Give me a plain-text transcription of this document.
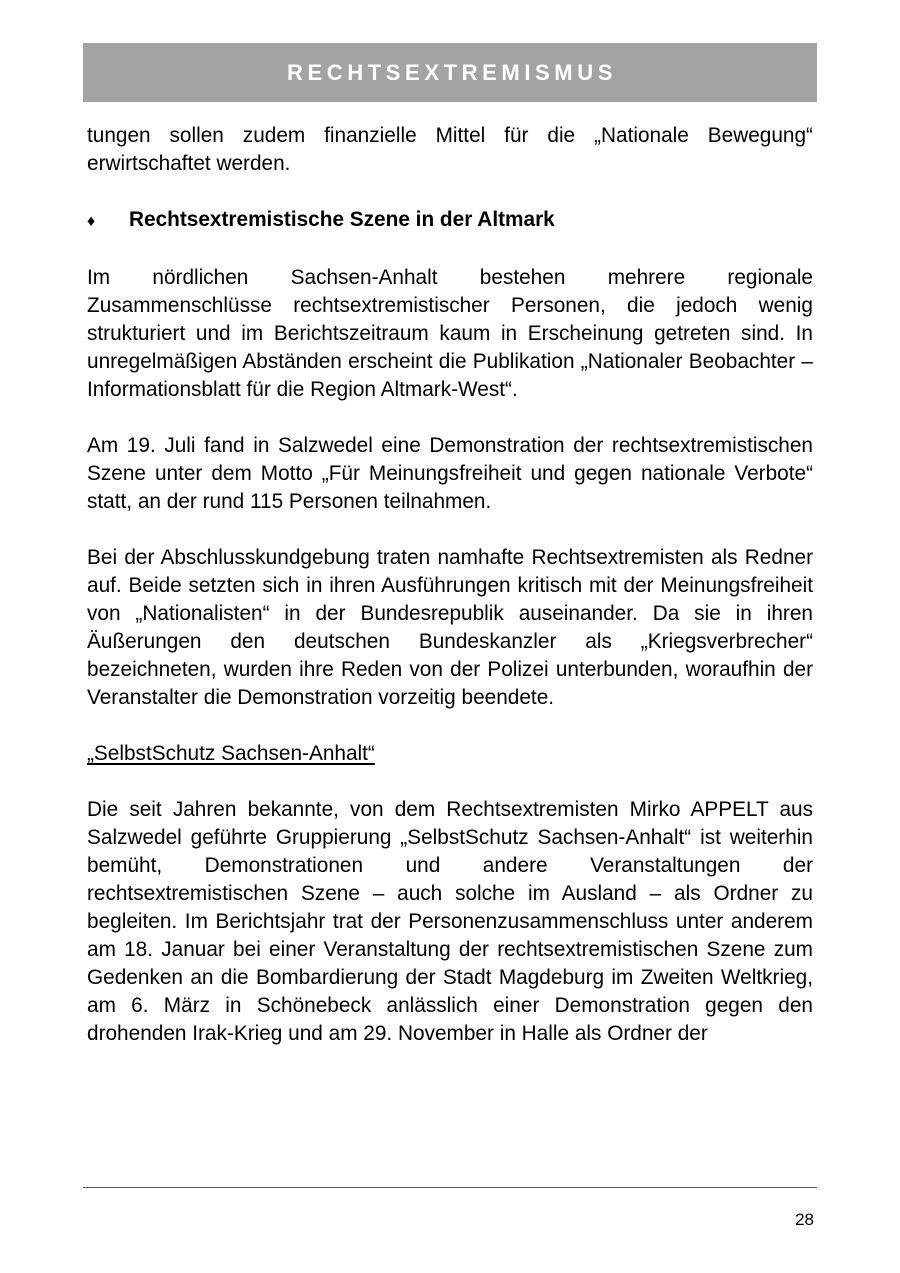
RECHTSEXTREMISMUS

tungen sollen zudem finanzielle Mittel für die „Nationale Bewegung“ erwirtschaftet werden.

♦	Rechtsextremistische Szene in der Altmark

Im nördlichen Sachsen-Anhalt bestehen mehrere regionale Zusammenschlüsse rechtsextremistischer Personen, die jedoch wenig strukturiert und im Berichtszeitraum kaum in Erscheinung getreten sind. In unregelmäßigen Abständen erscheint die Publikation „Nationaler Beobachter – Informationsblatt für die Region Altmark-West“.

Am 19. Juli fand in Salzwedel eine Demonstration der rechtsextremistischen Szene unter dem Motto „Für Meinungsfreiheit und gegen nationale Verbote“ statt, an der rund 115 Personen teilnahmen.

Bei der Abschlusskundgebung traten namhafte Rechtsextremisten als Redner auf. Beide setzten sich in ihren Ausführungen kritisch mit der Meinungsfreiheit von „Nationalisten“ in der Bundesrepublik auseinander. Da sie in ihren Äußerungen den deutschen Bundeskanzler als „Kriegsverbrecher“ bezeichneten, wurden ihre Reden von der Polizei unterbunden, woraufhin der Veranstalter die Demonstration vorzeitig beendete.

„SelbstSchutz Sachsen-Anhalt“

Die seit Jahren bekannte, von dem Rechtsextremisten Mirko APPELT aus Salzwedel geführte Gruppierung „SelbstSchutz Sachsen-Anhalt“ ist weiterhin bemüht, Demonstrationen und andere Veranstaltungen der rechtsextremistischen Szene – auch solche im Ausland – als Ordner zu begleiten. Im Berichtsjahr trat der Personenzusammenschluss unter anderem am 18. Januar bei einer Veranstaltung der rechtsextremistischen Szene zum Gedenken an die Bombardierung der Stadt Magdeburg im Zweiten Weltkrieg, am 6. März in Schönebeck anlässlich einer Demonstration gegen den drohenden Irak-Krieg und am 29. November in Halle als Ordner der

28
